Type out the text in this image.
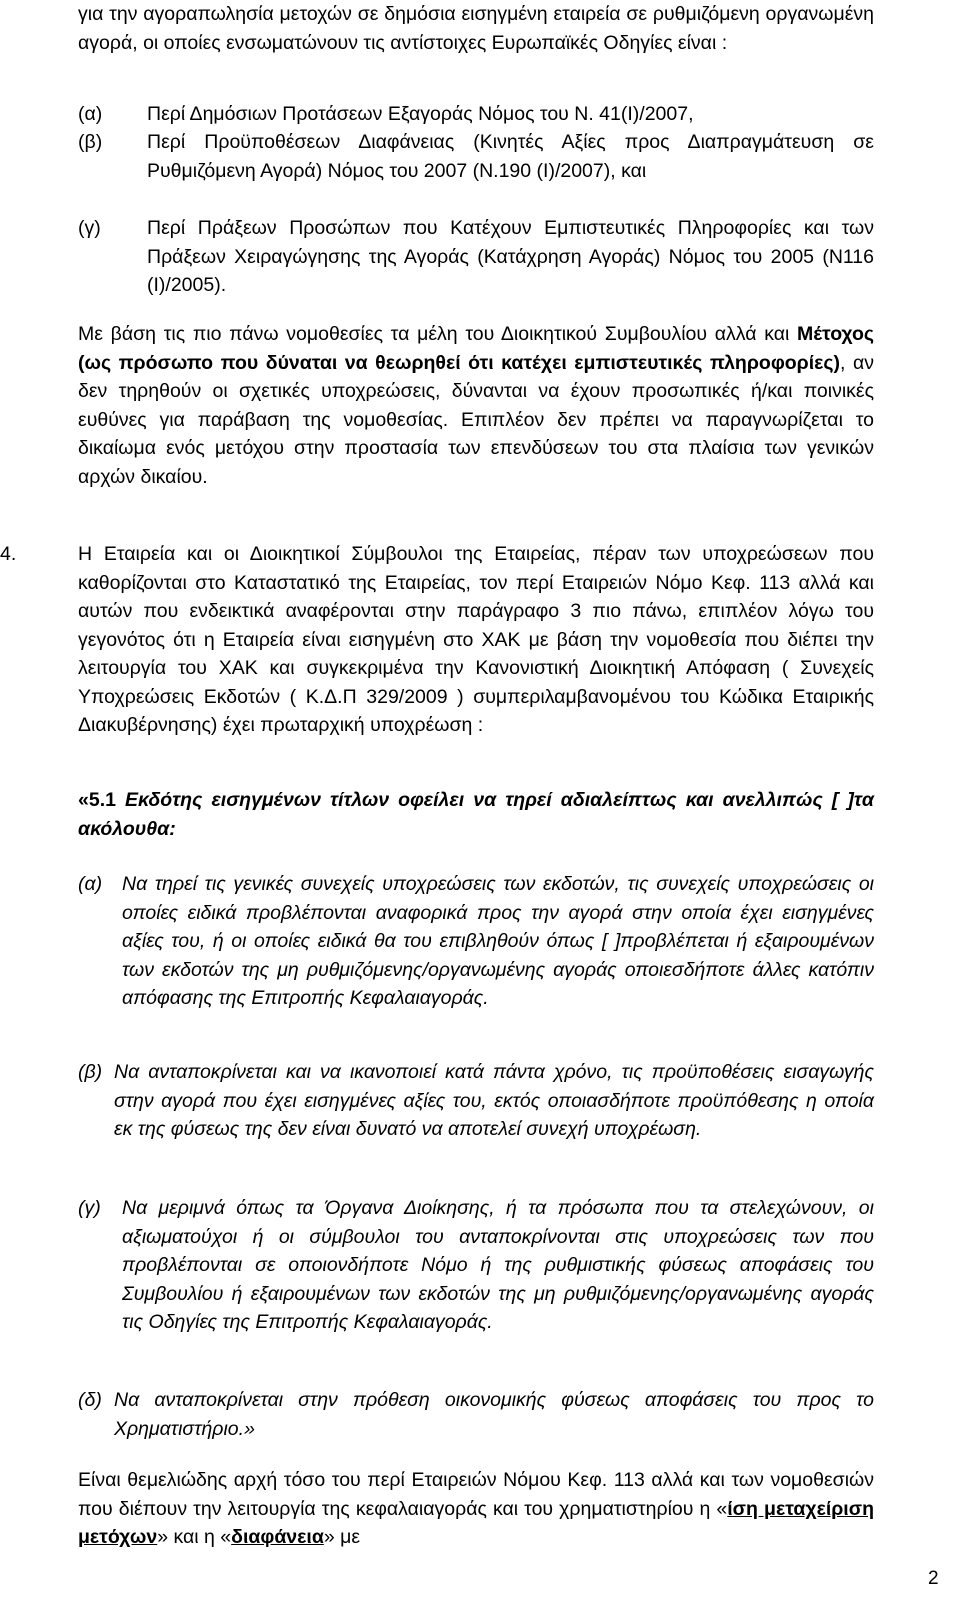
για την αγοραπωλησία μετοχών σε δημόσια εισηγμένη εταιρεία σε ρυθμιζόμενη οργανωμένη αγορά, οι οποίες ενσωματώνουν τις αντίστοιχες Ευρωπαϊκές Οδηγίες είναι :

(α) Περί Δημόσιων Προτάσεων Εξαγοράς Νόμος του Ν. 41(Ι)/2007,
(β) Περί Προϋποθέσεων Διαφάνειας (Κινητές Αξίες προς Διαπραγμάτευση σε Ρυθμιζόμενη Αγορά) Νόμος του 2007 (Ν.190 (Ι)/2007), και
(γ) Περί Πράξεων Προσώπων που Κατέχουν Εμπιστευτικές Πληροφορίες και των Πράξεων Χειραγώγησης της Αγοράς (Κατάχρηση Αγοράς) Νόμος του 2005 (Ν116 (Ι)/2005).

Με βάση τις πιο πάνω νομοθεσίες τα μέλη του Διοικητικού Συμβουλίου αλλά και Μέτοχος (ως πρόσωπο που δύναται να θεωρηθεί ότι κατέχει εμπιστευτικές πληροφορίες), αν δεν τηρηθούν οι σχετικές υποχρεώσεις, δύνανται να έχουν προσωπικές ή/και ποινικές ευθύνες για παράβαση της νομοθεσίας. Επιπλέον δεν πρέπει να παραγνωρίζεται το δικαίωμα ενός μετόχου στην προστασία των επενδύσεων του στα πλαίσια των γενικών αρχών δικαίου.

4.	Η Εταιρεία και οι Διοικητικοί Σύμβουλοι της Εταιρείας, πέραν των υποχρεώσεων που καθορίζονται στο Καταστατικό της Εταιρείας, τον περί Εταιρειών Νόμο Κεφ. 113 αλλά και αυτών που ενδεικτικά αναφέρονται στην παράγραφο 3 πιο πάνω, επιπλέον λόγω του γεγονότος ότι η Εταιρεία είναι εισηγμένη στο ΧΑΚ με βάση την νομοθεσία που διέπει την λειτουργία του ΧΑΚ και συγκεκριμένα την Κανονιστική Διοικητική Απόφαση ( Συνεχείς Υποχρεώσεις Εκδοτών ( Κ.Δ.Π 329/2009 ) συμπεριλαμβανομένου του Κώδικα Εταιρικής Διακυβέρνησης) έχει πρωταρχική υποχρέωση :

«5.1 Εκδότης εισηγμένων τίτλων οφείλει να τηρεί αδιαλείπτως και ανελλιπώς [ ]τα ακόλουθα:

(α) Να τηρεί τις γενικές συνεχείς υποχρεώσεις των εκδοτών, τις συνεχείς υποχρεώσεις οι οποίες ειδικά προβλέπονται αναφορικά προς την αγορά στην οποία έχει εισηγμένες αξίες του, ή οι οποίες ειδικά θα του επιβληθούν όπως [ ]προβλέπεται ή εξαιρουμένων των εκδοτών της μη ρυθμιζόμενης/οργανωμένης αγοράς οποιεσδήποτε άλλες κατόπιν απόφασης της Επιτροπής Κεφαλαιαγοράς.
(β) Να ανταποκρίνεται και να ικανοποιεί κατά πάντα χρόνο, τις προϋποθέσεις εισαγωγής στην αγορά που έχει εισηγμένες αξίες του, εκτός οποιασδήποτε προϋπόθεσης η οποία εκ της φύσεως της δεν είναι δυνατό να αποτελεί συνεχή υποχρέωση.
(γ) Να μεριμνά όπως τα Όργανα Διοίκησης, ή τα πρόσωπα που τα στελεχώνουν, οι αξιωματούχοι ή οι σύμβουλοι του ανταποκρίνονται στις υποχρεώσεις των που προβλέπονται σε οποιονδήποτε Νόμο ή της ρυθμιστικής φύσεως αποφάσεις του Συμβουλίου ή εξαιρουμένων των εκδοτών της μη ρυθμιζόμενης/οργανωμένης αγοράς τις Οδηγίες της Επιτροπής Κεφαλαιαγοράς.
(δ) Να ανταποκρίνεται στην πρόθεση οικονομικής φύσεως αποφάσεις του προς το Χρηματιστήριο.»

Είναι θεμελιώδης αρχή τόσο του περί Εταιρειών Νόμου Κεφ. 113 αλλά και των νομοθεσιών που διέπουν την λειτουργία της κεφαλαιαγοράς και του χρηματιστηρίου η «ίση μεταχείριση μετόχων» και η «διαφάνεια» με

2
